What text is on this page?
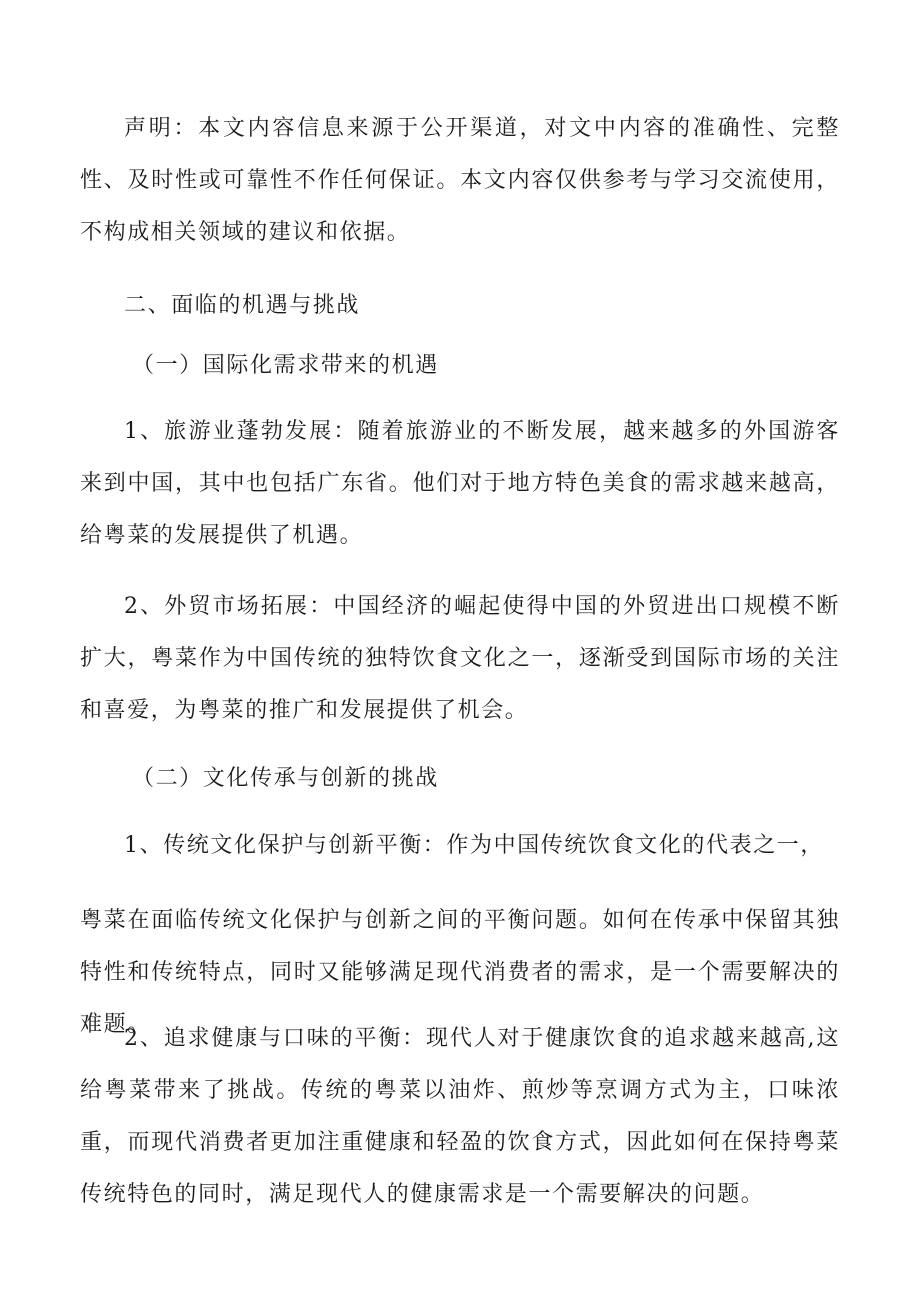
声明：本文内容信息来源于公开渠道，对文中内容的准确性、完整性、及时性或可靠性不作任何保证。本文内容仅供参考与学习交流使用，不构成相关领域的建议和依据。

二、面临的机遇与挑战
（一）国际化需求带来的机遇

1、旅游业蓬勃发展：随着旅游业的不断发展，越来越多的外国游客来到中国，其中也包括广东省。他们对于地方特色美食的需求越来越高，给粤菜的发展提供了机遇。

2、外贸市场拓展：中国经济的崛起使得中国的外贸进出口规模不断扩大，粤菜作为中国传统的独特饮食文化之一，逐渐受到国际市场的关注和喜爱，为粤菜的推广和发展提供了机会。

（二）文化传承与创新的挑战

1、传统文化保护与创新平衡：作为中国传统饮食文化的代表之一，

粤菜在面临传统文化保护与创新之间的平衡问题。如何在传承中保留其独特性和传统特点，同时又能够满足现代消费者的需求，是一个需要解决的难题。

2、追求健康与口味的平衡：现代人对于健康饮食的追求越来越高,这给粤菜带来了挑战。传统的粤菜以油炸、煎炒等烹调方式为主，口味浓重，而现代消费者更加注重健康和轻盈的饮食方式，因此如何在保持粤菜传统特色的同时，满足现代人的健康需求是一个需要解决的问题。
